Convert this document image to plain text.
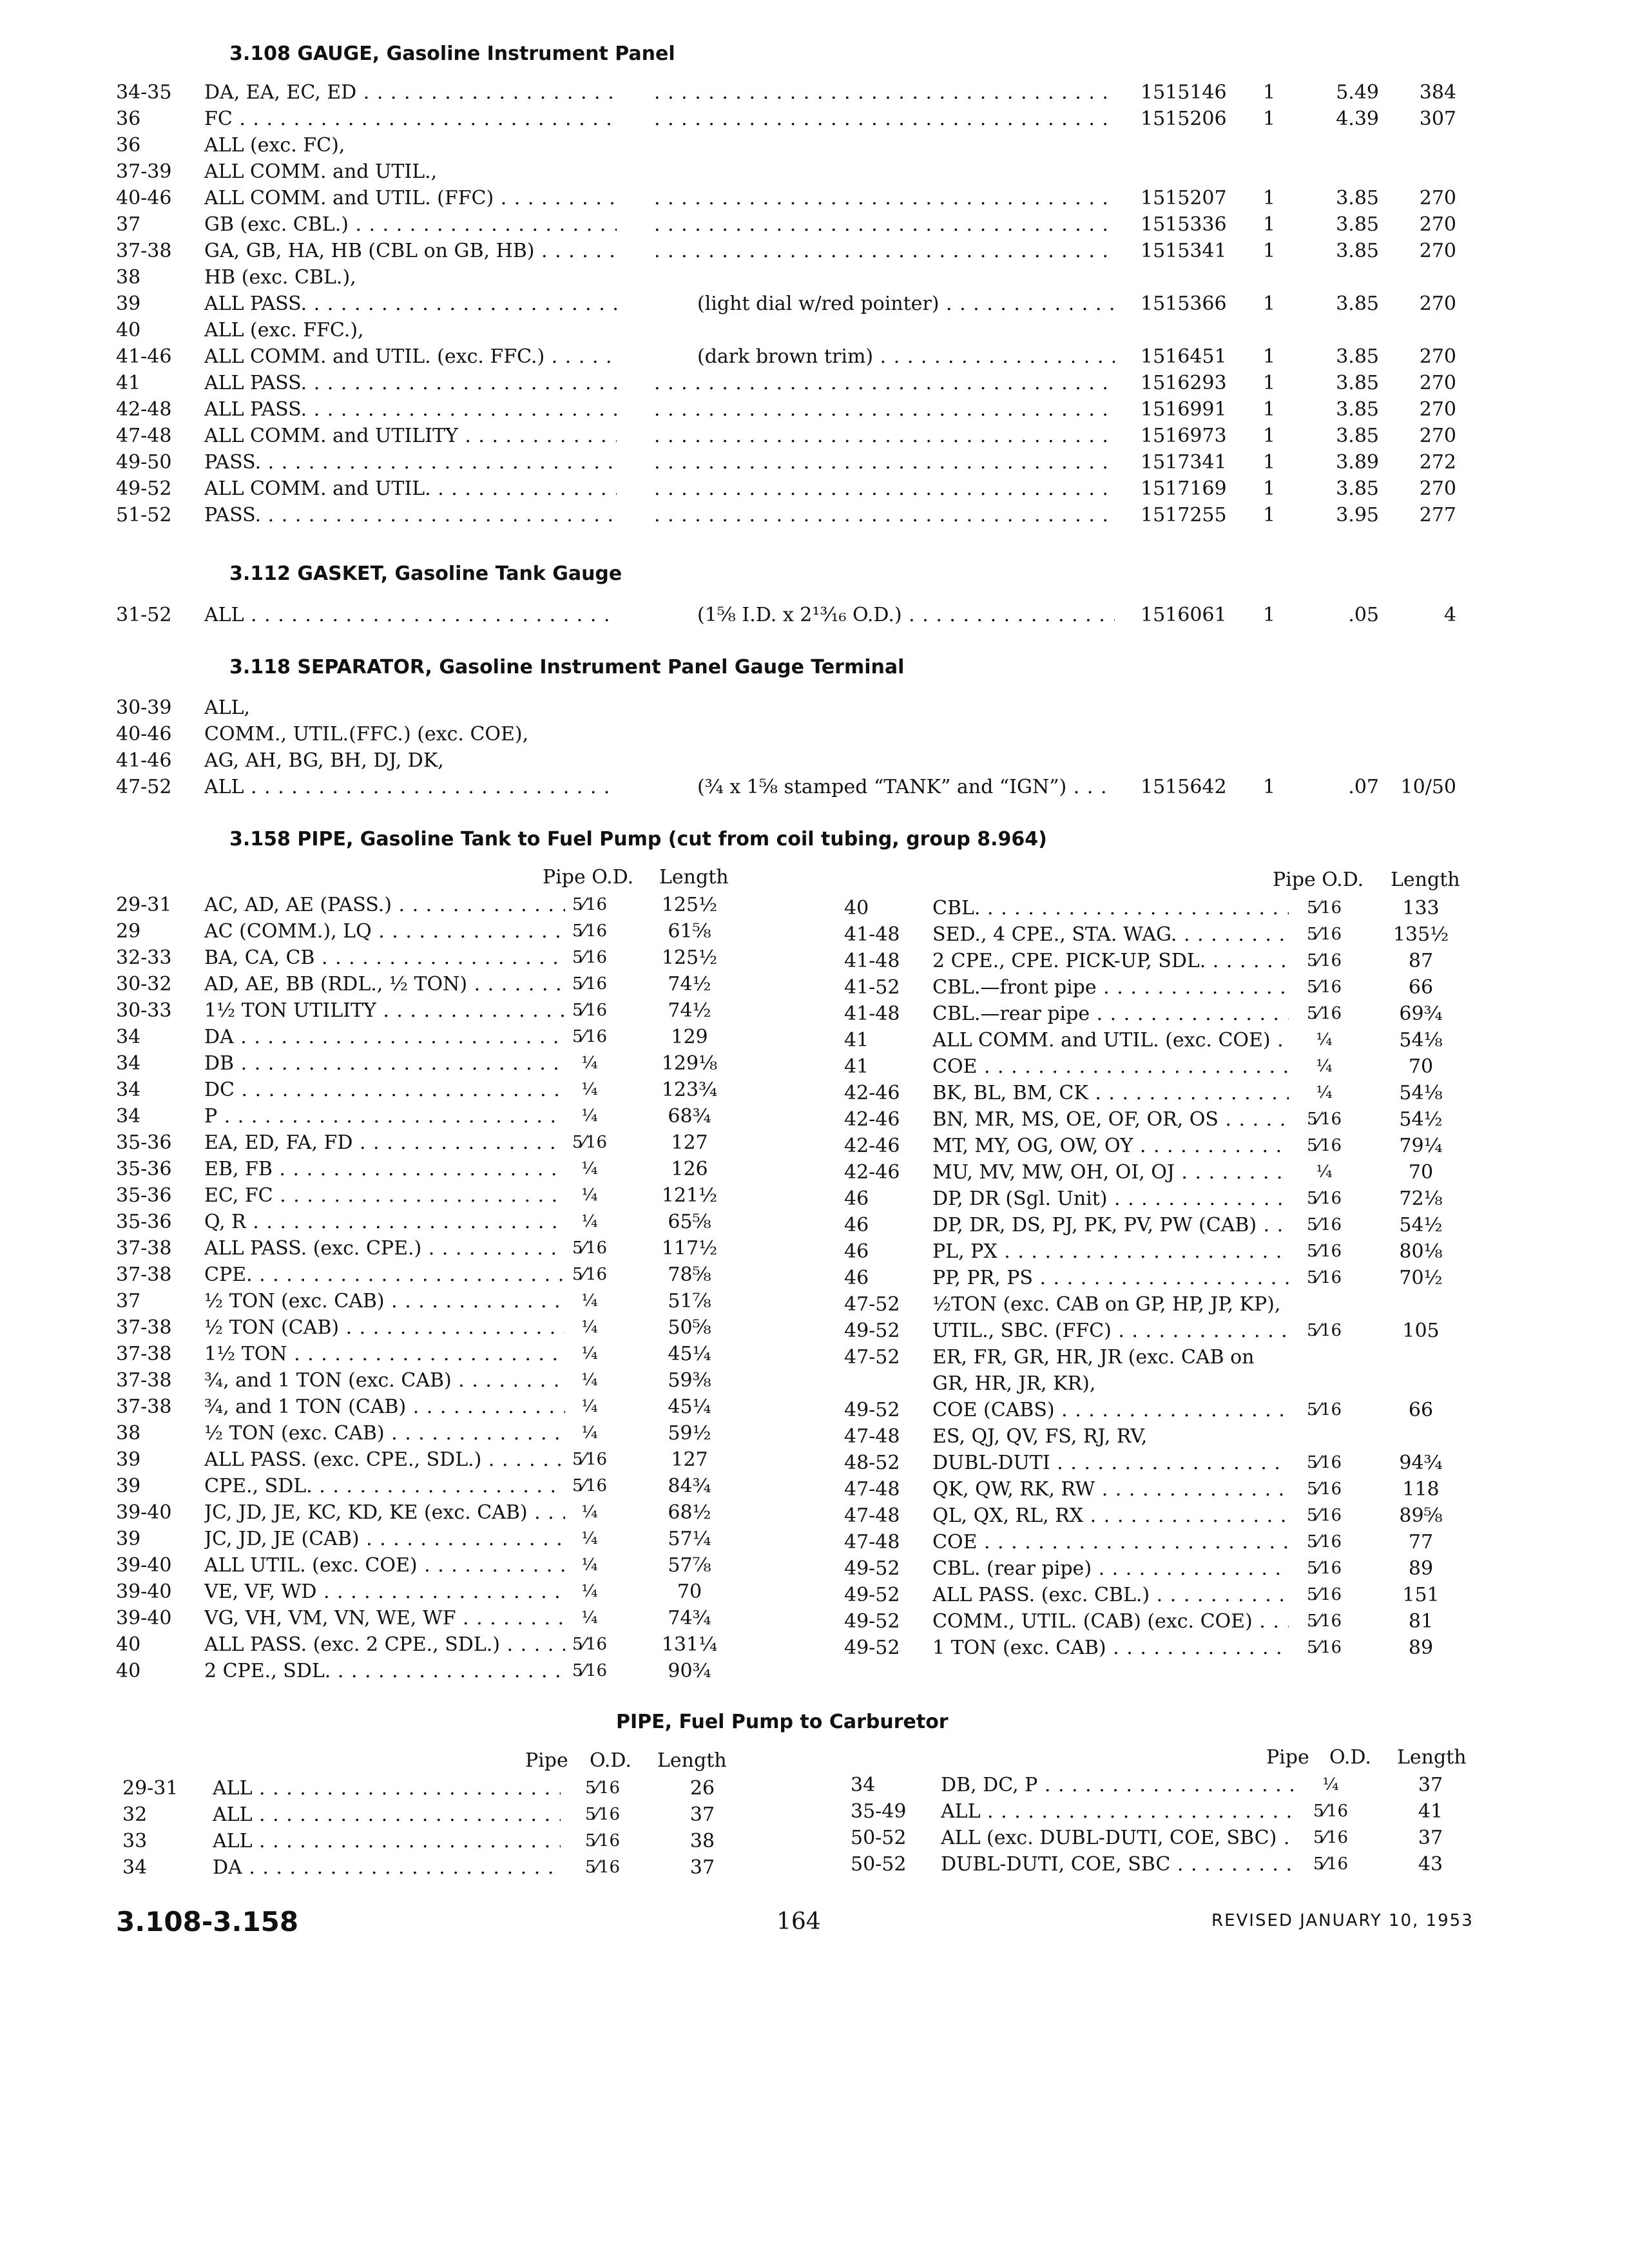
3.108 GAUGE, Gasoline Instrument Panel
34-35 DA, EA, EC, ED . . . . . .	1515146 1	5.49	384
36	FC . . . . . .	1515206 1	4.39	307
36	ALL (exc. FC),
37-39 ALL COMM. and UTIL.,
40-46 ALL COMM. and UTIL. (FFC) . . . . . .	1515207 1	3.85	270
37	GB (exc. CBL.) . . . . . .	1515336 1	3.85	270
37-38 GA, GB, HA, HB (CBL on GB, HB) . . . . . .	1515341 1	3.85	270
38	HB (exc. CBL.),
39	ALL PASS. . . .	(light dial w/red pointer) . . .	1515366 1	3.85	270
40	ALL (exc. FFC.),
41-46 ALL COMM. and UTIL. (exc. FFC.) . . .	(dark brown trim) . . .	1516451 1	3.85	270
41	ALL PASS. . . . . . .	1516293 1	3.85	270
42-48 ALL PASS. . . . . . .	1516991 1	3.85	270
47-48 ALL COMM. and UTILITY . . . . . .	1516973 1	3.85	270
49-50 PASS. . . . . . .	1517341 1	3.89	272
49-52 ALL COMM. and UTIL. . . . . . .	1517169 1	3.85	270
51-52 PASS. . . . . . .	1517255 1	3.95	277
3.112 GASKET, Gasoline Tank Gauge
31-52 ALL . . .	(1⅝ I.D. x 2¹³⁄₁₆ O.D.) . . .	1516061 1	.05	4
3.118 SEPARATOR, Gasoline Instrument Panel Gauge Terminal
30-39 ALL,
40-46 COMM., UTIL.(FFC.) (exc. COE),
41-46 AG, AH, BG, BH, DJ, DK,
47-52 ALL . . .	(¾ x 1⅝ stamped “TANK” and “IGN”) . . .	1515642 1	.07	10/50
3.158 PIPE, Gasoline Tank to Fuel Pump (cut from coil tubing, group 8.964)
Pipe O.D. Length	Pipe O.D. Length
29-31 AC, AD, AE (PASS.) . . .	5⁄16	125½
29	AC (COMM.), LQ . . .	5⁄16	61⅝
32-33 BA, CA, CB . . .	5⁄16	125½
30-32 AD, AE, BB (RDL., ½ TON) . . .	5⁄16	74½
30-33 1½ TON UTILITY . . .	5⁄16	74½
34	DA . . .	5⁄16	129
34	DB . . .	¼	129⅛
34	DC . . .	¼	123¾
34	P . . .	¼	68¾
35-36 EA, ED, FA, FD . . .	5⁄16	127
35-36 EB, FB . . .	¼	126
35-36 EC, FC . . .	¼	121½
35-36 Q, R . . .	¼	65⅝
37-38 ALL PASS. (exc. CPE.) . . .	5⁄16	117½
37-38 CPE. . . .	5⁄16	78⅝
37	½ TON (exc. CAB) . . .	¼	51⅞
37-38 ½ TON (CAB) . . .	¼	50⅝
37-38 1½ TON . . .	¼	45¼
37-38 ¾, and 1 TON (exc. CAB) . . .	¼	59⅜
37-38 ¾, and 1 TON (CAB) . . .	¼	45¼
38	½ TON (exc. CAB) . . .	¼	59½
39	ALL PASS. (exc. CPE., SDL.) . . .	5⁄16	127
39	CPE., SDL. . . .	5⁄16	84¾
39-40 JC, JD, JE, KC, KD, KE (exc. CAB) . . .	¼	68½
39	JC, JD, JE (CAB) . . .	¼	57¼
39-40 ALL UTIL. (exc. COE) . . .	¼	57⅞
39-40 VE, VF, WD . . .	¼	70
39-40 VG, VH, VM, VN, WE, WF . . .	¼	74¾
40	ALL PASS. (exc. 2 CPE., SDL.) . . .	5⁄16	131¼
40	2 CPE., SDL. . . .	5⁄16	90¾
40	CBL. . . .	5⁄16	133
41-48 SED., 4 CPE., STA. WAG. . . .	5⁄16	135½
41-48 2 CPE., CPE. PICK-UP, SDL. . . .	5⁄16	87
41-52 CBL.—front pipe . . .	5⁄16	66
41-48 CBL.—rear pipe . . .	5⁄16	69¾
41	ALL COMM. and UTIL. (exc. COE) . . .	¼	54⅛
41	COE . . .	¼	70
42-46 BK, BL, BM, CK . . .	¼	54⅛
42-46 BN, MR, MS, OE, OF, OR, OS . . .	5⁄16	54½
42-46 MT, MY, OG, OW, OY . . .	5⁄16	79¼
42-46 MU, MV, MW, OH, OI, OJ . . .	¼	70
46	DP, DR (Sgl. Unit) . . .	5⁄16	72⅛
46	DP, DR, DS, PJ, PK, PV, PW (CAB) . . .	5⁄16	54½
46	PL, PX . . .	5⁄16	80⅛
46	PP, PR, PS . . .	5⁄16	70½
47-52 ½TON (exc. CAB on GP, HP, JP, KP),
49-52 UTIL., SBC. (FFC) . . .	5⁄16	105
47-52 ER, FR, GR, HR, JR (exc. CAB on
GR, HR, JR, KR),
49-52 COE (CABS) . . .	5⁄16	66
47-48 ES, QJ, QV, FS, RJ, RV,
48-52 DUBL-DUTI . . .	5⁄16	94¾
47-48 QK, QW, RK, RW . . .	5⁄16	118
47-48 QL, QX, RL, RX . . .	5⁄16	89⅝
47-48 COE . . .	5⁄16	77
49-52 CBL. (rear pipe) . . .	5⁄16	89
49-52 ALL PASS. (exc. CBL.) . . .	5⁄16	151
49-52 COMM., UTIL. (CAB) (exc. COE) . . .	5⁄16	81
49-52 1 TON (exc. CAB) . . .	5⁄16	89
PIPE, Fuel Pump to Carburetor
Pipe O.D. Length	Pipe O.D. Length
29-31 ALL . . .	5⁄16	26
32	ALL . . .	5⁄16	37
33	ALL . . .	5⁄16	38
34	DA . . .	5⁄16	37
34	DB, DC, P . . .	¼	37
35-49 ALL . . .	5⁄16	41
50-52 ALL (exc. DUBL-DUTI, COE, SBC) . . .	5⁄16	37
50-52 DUBL-DUTI, COE, SBC . . .	5⁄16	43
3.108-3.158	164	REVISED JANUARY 10, 1953
